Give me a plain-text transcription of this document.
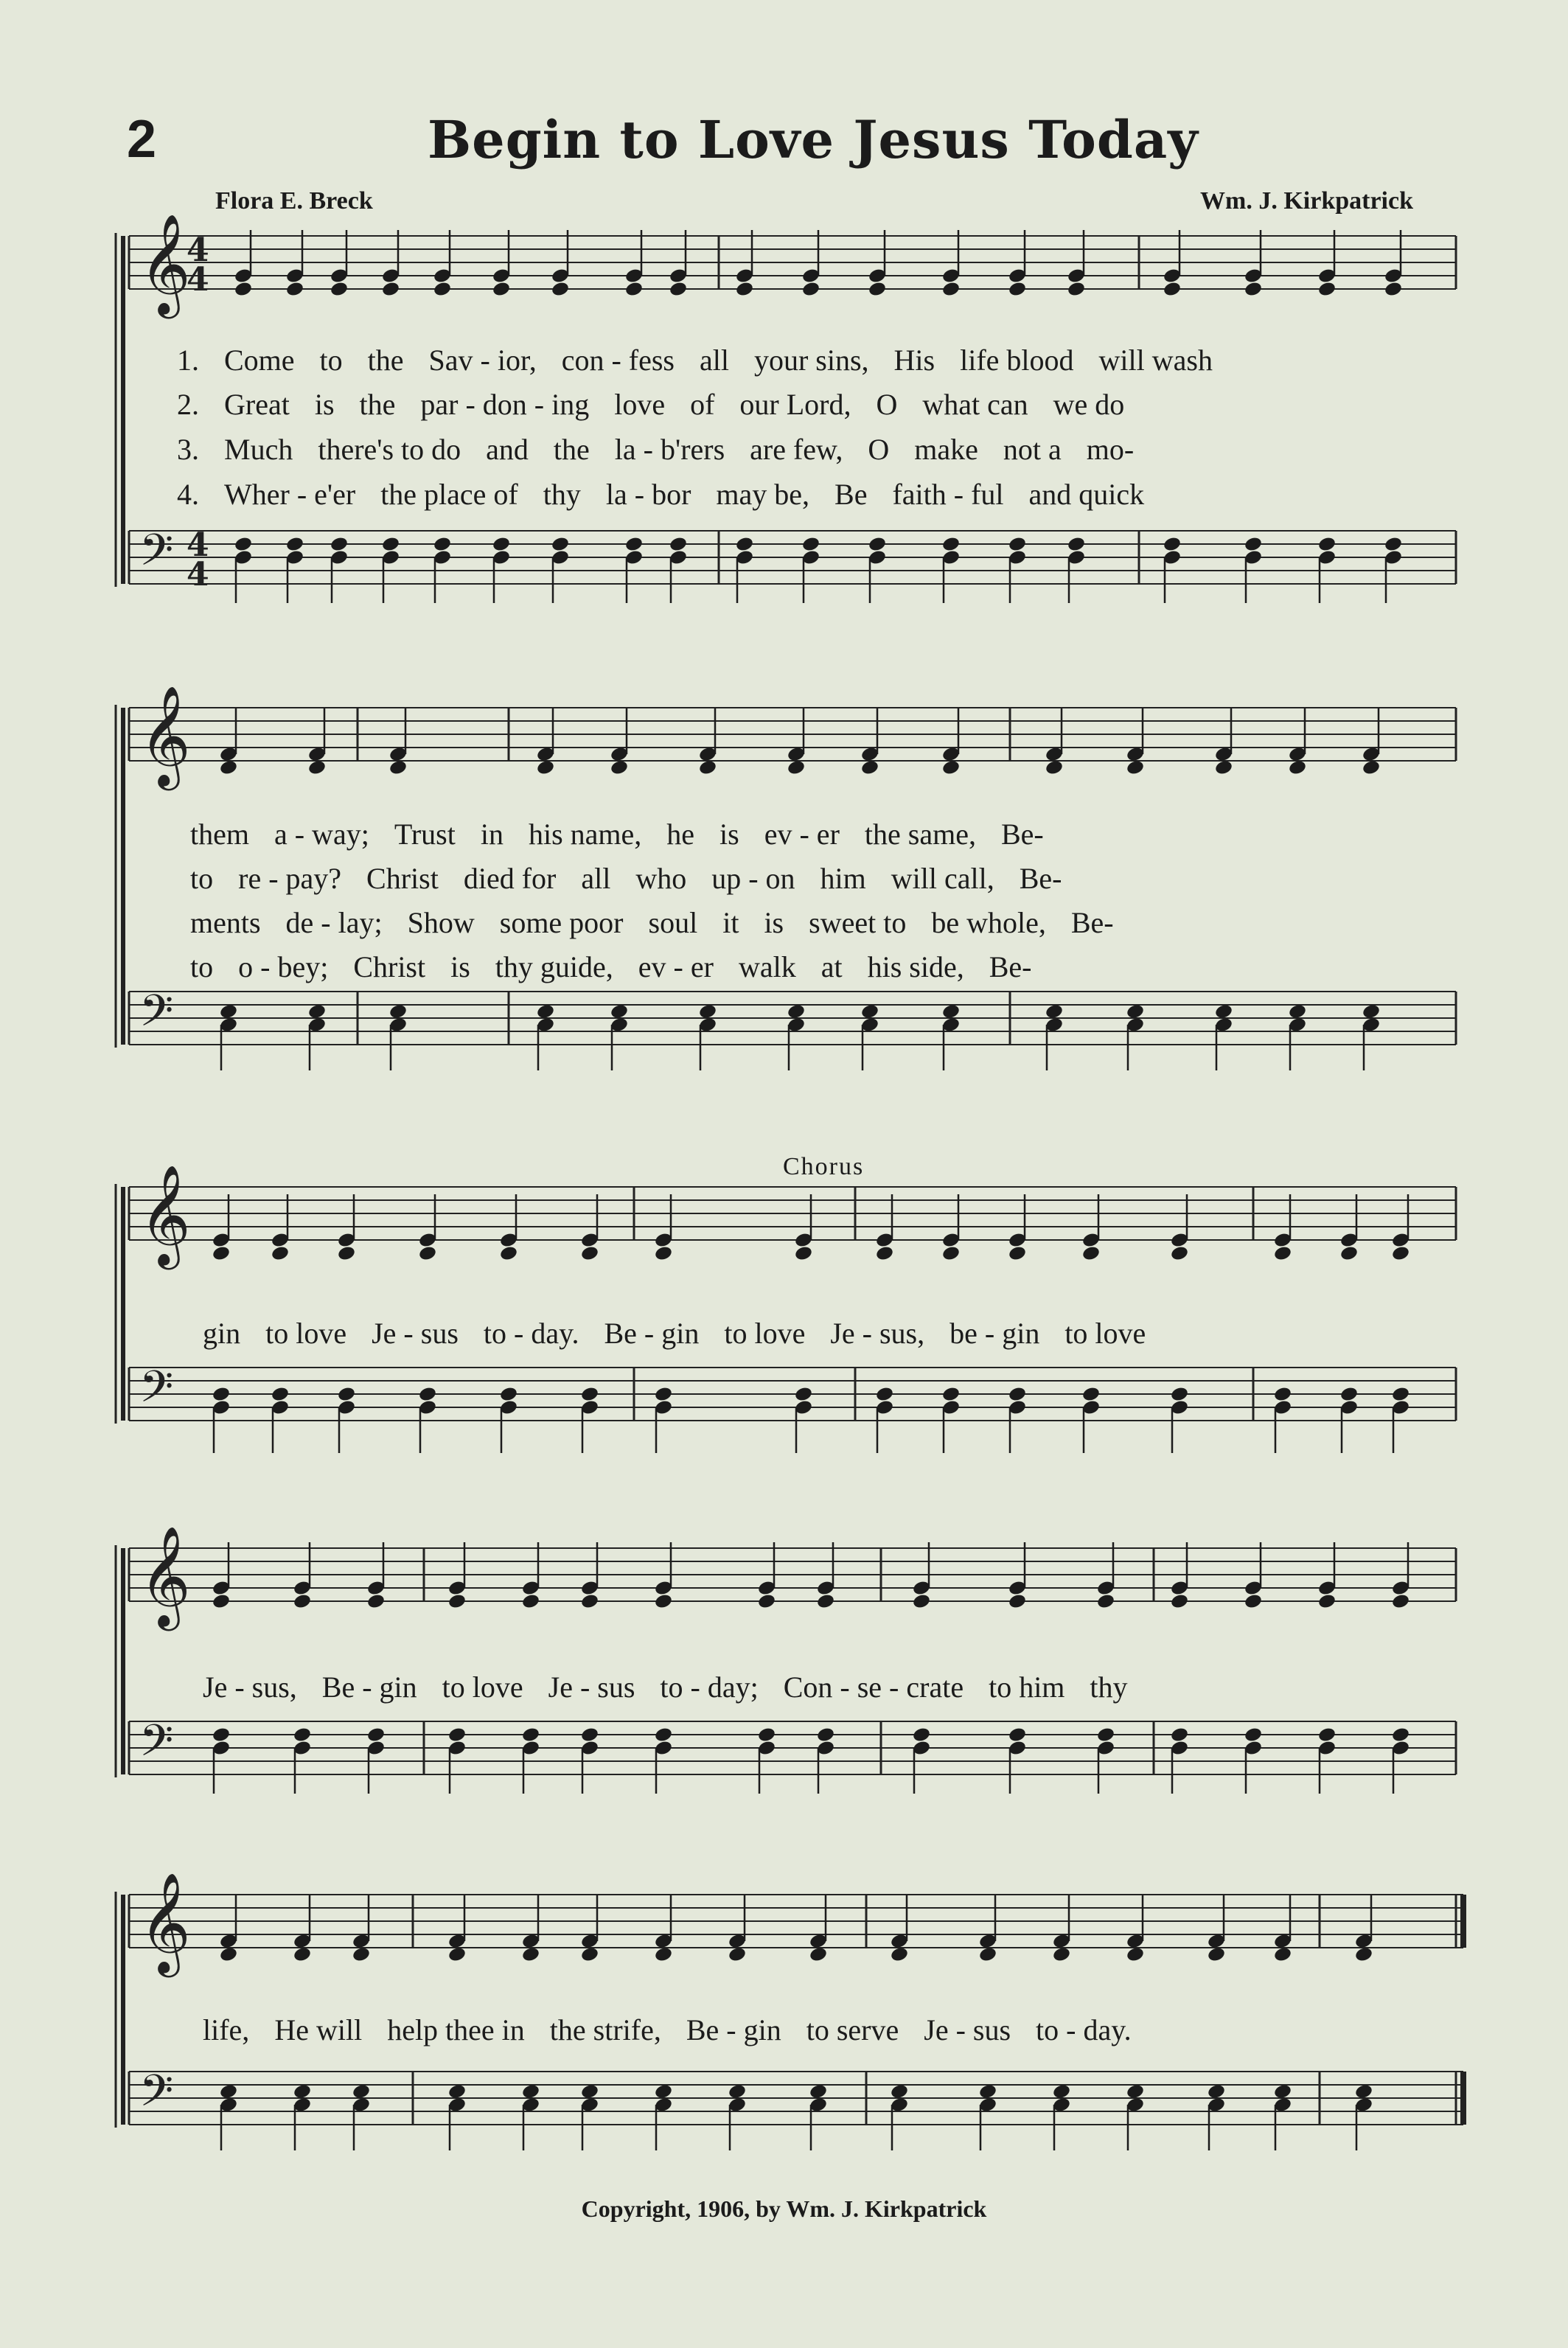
2	Begin to Love Jesus Today
Flora E. Breck	Wm. J. Kirkpatrick
𝄞
𝄢
4
4
4
4
1. Come to the Sav - ior, con - fess all your sins, His life blood will wash
2. Great is the par - don - ing love of our Lord, O what can we do
3. Much there's to do and the la - b'rers are few, O make not a mo-
4. Wher - e'er the place of thy la - bor may be, Be faith - ful and quick
𝄞
𝄢
them a - way; Trust in his name, he is ev - er the same, Be-
to re - pay? Christ died for all who up - on him will call, Be-
ments de - lay; Show some poor soul it is sweet to be whole, Be-
to o - bey; Christ is thy guide, ev - er walk at his side, Be-
Chorus
𝄞
𝄢
gin to love Je - sus to - day. Be - gin to love Je - sus, be - gin to love
𝄞
𝄢
Je - sus, Be - gin to love Je - sus to - day; Con - se - crate to him thy
𝄞
𝄢
life, He will help thee in the strife, Be - gin to serve Je - sus to - day.
Copyright, 1906, by Wm. J. Kirkpatrick
